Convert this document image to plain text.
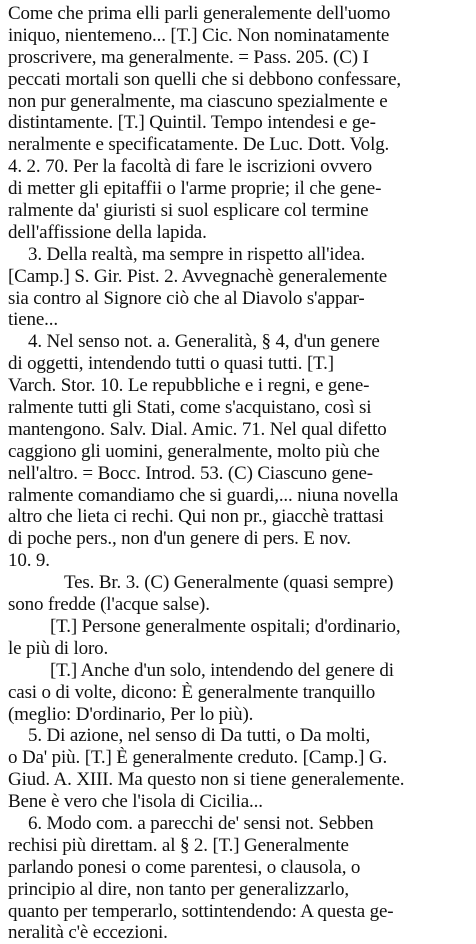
Come che prima elli parli generalemente dell'uomo
iniquo, nientemeno... [T.] Cic. Non nominatamente
proscrivere, ma generalmente. = Pass. 205. (C) I
peccati mortali son quelli che si debbono confessare,
non pur generalmente, ma ciascuno spezialmente e
distintamente. [T.] Quintil. Tempo intendesi e ge-
neralmente e specificatamente. De Luc. Dott. Volg.
4. 2. 70. Per la facoltà di fare le iscrizioni ovvero
di metter gli epitaffii o l'arme proprie; il che gene-
ralmente da' giuristi si suol esplicare col termine
dell'affissione della lapida.
3. Della realtà, ma sempre in rispetto all'idea.
[Camp.] S. Gir. Pist. 2. Avvegnachè generalemente
sia contro al Signore ciò che al Diavolo s'appar-
tiene...
4. Nel senso not. a. Generalità, § 4, d'un genere
di oggetti, intendendo tutti o quasi tutti. [T.]
Varch. Stor. 10. Le repubbliche e i regni, e gene-
ralmente tutti gli Stati, come s'acquistano, così si
mantengono. Salv. Dial. Amic. 71. Nel qual difetto
caggiono gli uomini, generalmente, molto più che
nell'altro. = Bocc. Introd. 53. (C) Ciascuno gene-
ralmente comandiamo che si guardi,... niuna novella
altro che lieta ci rechi. Qui non pr., giacchè trattasi
di poche pers., non d'un genere di pers. E nov.
10. 9.
Tes. Br. 3. (C) Generalmente (quasi sempre)
sono fredde (l'acque salse).
[T.] Persone generalmente ospitali; d'ordinario,
le più di loro.
[T.] Anche d'un solo, intendendo del genere di
casi o di volte, dicono: È generalmente tranquillo
(meglio: D'ordinario, Per lo più).
5. Di azione, nel senso di Da tutti, o Da molti,
o Da' più. [T.] È generalmente creduto. [Camp.] G.
Giud. A. XIII. Ma questo non si tiene generalemente.
Bene è vero che l'isola di Cicilia...
6. Modo com. a parecchi de' sensi not. Sebben
rechisi più direttam. al § 2. [T.] Generalmente
parlando ponesi o come parentesi, o clausola, o
principio al dire, non tanto per generalizzarlo,
quanto per temperarlo, sottintendendo: A questa ge-
neralità c'è eccezioni.
